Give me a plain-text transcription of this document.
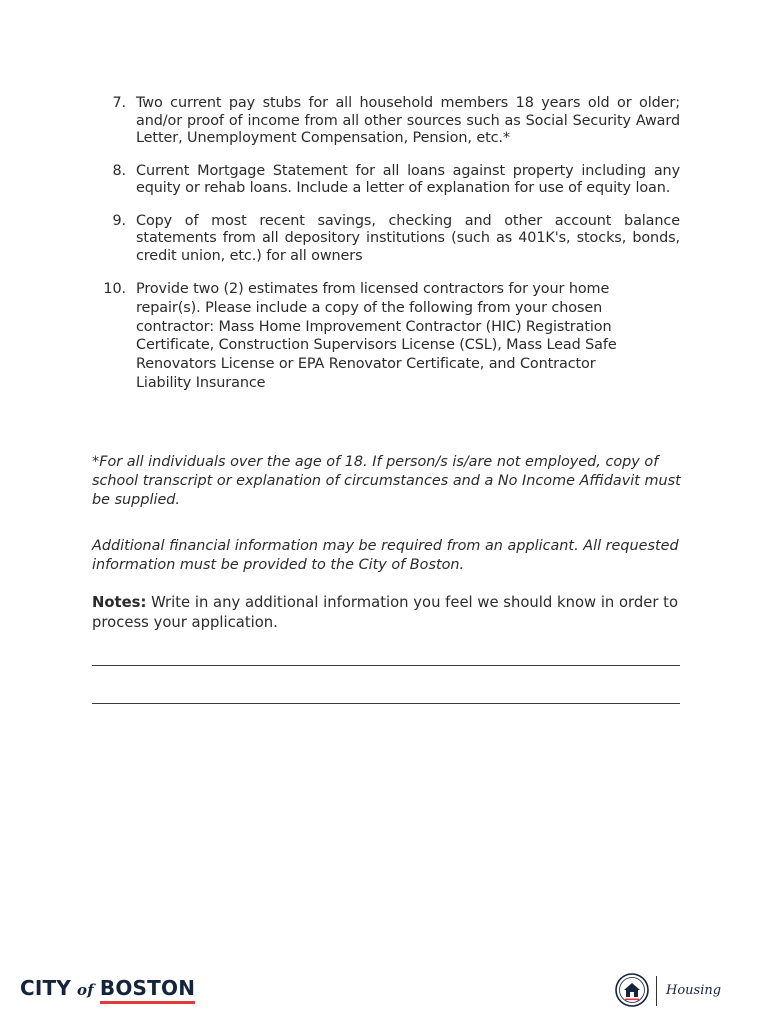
7. Two current pay stubs for all household members 18 years old or older; and/or proof of income from all other sources such as Social Security Award Letter, Unemployment Compensation, Pension, etc.*
8. Current Mortgage Statement for all loans against property including any equity or rehab loans. Include a letter of explanation for use of equity loan.
9. Copy of most recent savings, checking and other account balance statements from all depository institutions (such as 401K's, stocks, bonds, credit union, etc.) for all owners
10. Provide two (2) estimates from licensed contractors for your home repair(s). Please include a copy of the following from your chosen contractor: Mass Home Improvement Contractor (HIC) Registration Certificate, Construction Supervisors License (CSL), Mass Lead Safe Renovators License or EPA Renovator Certificate, and Contractor Liability Insurance

*For all individuals over the age of 18. If person/s is/are not employed, copy of school transcript or explanation of circumstances and a No Income Affidavit must be supplied.

Additional financial information may be required from an applicant. All requested information must be provided to the City of Boston.

Notes: Write in any additional information you feel we should know in order to process your application.

CITY of BOSTON	Housing
